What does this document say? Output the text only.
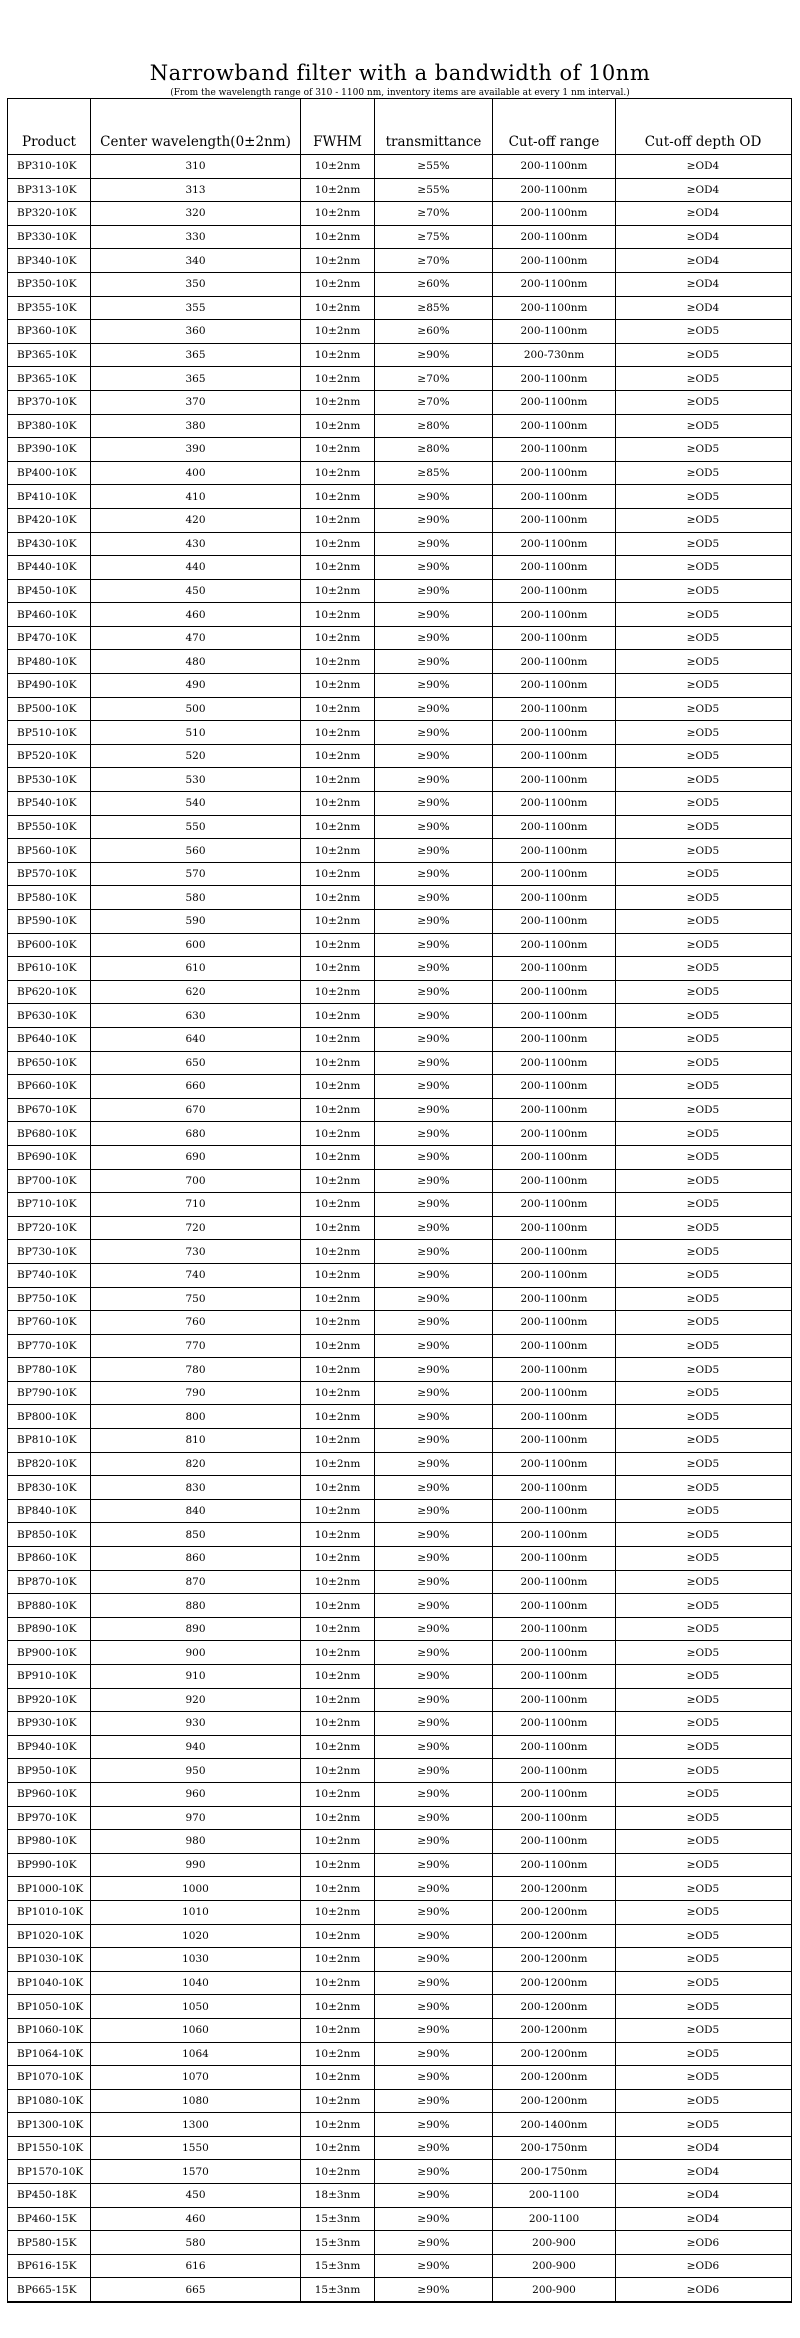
Narrowband filter with a bandwidth of 10nm
(From the wavelength range of 310 - 1100 nm, inventory items are available at every 1 nm interval.)
Product	Center wavelength(0±2nm)	FWHM	transmittance	Cut-off range	Cut-off depth OD
BP310-10K	310	10±2nm	≥55%	200-1100nm	≥OD4
BP313-10K	313	10±2nm	≥55%	200-1100nm	≥OD4
BP320-10K	320	10±2nm	≥70%	200-1100nm	≥OD4
BP330-10K	330	10±2nm	≥75%	200-1100nm	≥OD4
BP340-10K	340	10±2nm	≥70%	200-1100nm	≥OD4
BP350-10K	350	10±2nm	≥60%	200-1100nm	≥OD4
BP355-10K	355	10±2nm	≥85%	200-1100nm	≥OD4
BP360-10K	360	10±2nm	≥60%	200-1100nm	≥OD5
BP365-10K	365	10±2nm	≥90%	200-730nm	≥OD5
BP365-10K	365	10±2nm	≥70%	200-1100nm	≥OD5
BP370-10K	370	10±2nm	≥70%	200-1100nm	≥OD5
BP380-10K	380	10±2nm	≥80%	200-1100nm	≥OD5
BP390-10K	390	10±2nm	≥80%	200-1100nm	≥OD5
BP400-10K	400	10±2nm	≥85%	200-1100nm	≥OD5
BP410-10K	410	10±2nm	≥90%	200-1100nm	≥OD5
BP420-10K	420	10±2nm	≥90%	200-1100nm	≥OD5
BP430-10K	430	10±2nm	≥90%	200-1100nm	≥OD5
BP440-10K	440	10±2nm	≥90%	200-1100nm	≥OD5
BP450-10K	450	10±2nm	≥90%	200-1100nm	≥OD5
BP460-10K	460	10±2nm	≥90%	200-1100nm	≥OD5
BP470-10K	470	10±2nm	≥90%	200-1100nm	≥OD5
BP480-10K	480	10±2nm	≥90%	200-1100nm	≥OD5
BP490-10K	490	10±2nm	≥90%	200-1100nm	≥OD5
BP500-10K	500	10±2nm	≥90%	200-1100nm	≥OD5
BP510-10K	510	10±2nm	≥90%	200-1100nm	≥OD5
BP520-10K	520	10±2nm	≥90%	200-1100nm	≥OD5
BP530-10K	530	10±2nm	≥90%	200-1100nm	≥OD5
BP540-10K	540	10±2nm	≥90%	200-1100nm	≥OD5
BP550-10K	550	10±2nm	≥90%	200-1100nm	≥OD5
BP560-10K	560	10±2nm	≥90%	200-1100nm	≥OD5
BP570-10K	570	10±2nm	≥90%	200-1100nm	≥OD5
BP580-10K	580	10±2nm	≥90%	200-1100nm	≥OD5
BP590-10K	590	10±2nm	≥90%	200-1100nm	≥OD5
BP600-10K	600	10±2nm	≥90%	200-1100nm	≥OD5
BP610-10K	610	10±2nm	≥90%	200-1100nm	≥OD5
BP620-10K	620	10±2nm	≥90%	200-1100nm	≥OD5
BP630-10K	630	10±2nm	≥90%	200-1100nm	≥OD5
BP640-10K	640	10±2nm	≥90%	200-1100nm	≥OD5
BP650-10K	650	10±2nm	≥90%	200-1100nm	≥OD5
BP660-10K	660	10±2nm	≥90%	200-1100nm	≥OD5
BP670-10K	670	10±2nm	≥90%	200-1100nm	≥OD5
BP680-10K	680	10±2nm	≥90%	200-1100nm	≥OD5
BP690-10K	690	10±2nm	≥90%	200-1100nm	≥OD5
BP700-10K	700	10±2nm	≥90%	200-1100nm	≥OD5
BP710-10K	710	10±2nm	≥90%	200-1100nm	≥OD5
BP720-10K	720	10±2nm	≥90%	200-1100nm	≥OD5
BP730-10K	730	10±2nm	≥90%	200-1100nm	≥OD5
BP740-10K	740	10±2nm	≥90%	200-1100nm	≥OD5
BP750-10K	750	10±2nm	≥90%	200-1100nm	≥OD5
BP760-10K	760	10±2nm	≥90%	200-1100nm	≥OD5
BP770-10K	770	10±2nm	≥90%	200-1100nm	≥OD5
BP780-10K	780	10±2nm	≥90%	200-1100nm	≥OD5
BP790-10K	790	10±2nm	≥90%	200-1100nm	≥OD5
BP800-10K	800	10±2nm	≥90%	200-1100nm	≥OD5
BP810-10K	810	10±2nm	≥90%	200-1100nm	≥OD5
BP820-10K	820	10±2nm	≥90%	200-1100nm	≥OD5
BP830-10K	830	10±2nm	≥90%	200-1100nm	≥OD5
BP840-10K	840	10±2nm	≥90%	200-1100nm	≥OD5
BP850-10K	850	10±2nm	≥90%	200-1100nm	≥OD5
BP860-10K	860	10±2nm	≥90%	200-1100nm	≥OD5
BP870-10K	870	10±2nm	≥90%	200-1100nm	≥OD5
BP880-10K	880	10±2nm	≥90%	200-1100nm	≥OD5
BP890-10K	890	10±2nm	≥90%	200-1100nm	≥OD5
BP900-10K	900	10±2nm	≥90%	200-1100nm	≥OD5
BP910-10K	910	10±2nm	≥90%	200-1100nm	≥OD5
BP920-10K	920	10±2nm	≥90%	200-1100nm	≥OD5
BP930-10K	930	10±2nm	≥90%	200-1100nm	≥OD5
BP940-10K	940	10±2nm	≥90%	200-1100nm	≥OD5
BP950-10K	950	10±2nm	≥90%	200-1100nm	≥OD5
BP960-10K	960	10±2nm	≥90%	200-1100nm	≥OD5
BP970-10K	970	10±2nm	≥90%	200-1100nm	≥OD5
BP980-10K	980	10±2nm	≥90%	200-1100nm	≥OD5
BP990-10K	990	10±2nm	≥90%	200-1100nm	≥OD5
BP1000-10K	1000	10±2nm	≥90%	200-1200nm	≥OD5
BP1010-10K	1010	10±2nm	≥90%	200-1200nm	≥OD5
BP1020-10K	1020	10±2nm	≥90%	200-1200nm	≥OD5
BP1030-10K	1030	10±2nm	≥90%	200-1200nm	≥OD5
BP1040-10K	1040	10±2nm	≥90%	200-1200nm	≥OD5
BP1050-10K	1050	10±2nm	≥90%	200-1200nm	≥OD5
BP1060-10K	1060	10±2nm	≥90%	200-1200nm	≥OD5
BP1064-10K	1064	10±2nm	≥90%	200-1200nm	≥OD5
BP1070-10K	1070	10±2nm	≥90%	200-1200nm	≥OD5
BP1080-10K	1080	10±2nm	≥90%	200-1200nm	≥OD5
BP1300-10K	1300	10±2nm	≥90%	200-1400nm	≥OD5
BP1550-10K	1550	10±2nm	≥90%	200-1750nm	≥OD4
BP1570-10K	1570	10±2nm	≥90%	200-1750nm	≥OD4
BP450-18K	450	18±3nm	≥90%	200-1100	≥OD4
BP460-15K	460	15±3nm	≥90%	200-1100	≥OD4
BP580-15K	580	15±3nm	≥90%	200-900	≥OD6
BP616-15K	616	15±3nm	≥90%	200-900	≥OD6
BP665-15K	665	15±3nm	≥90%	200-900	≥OD6
